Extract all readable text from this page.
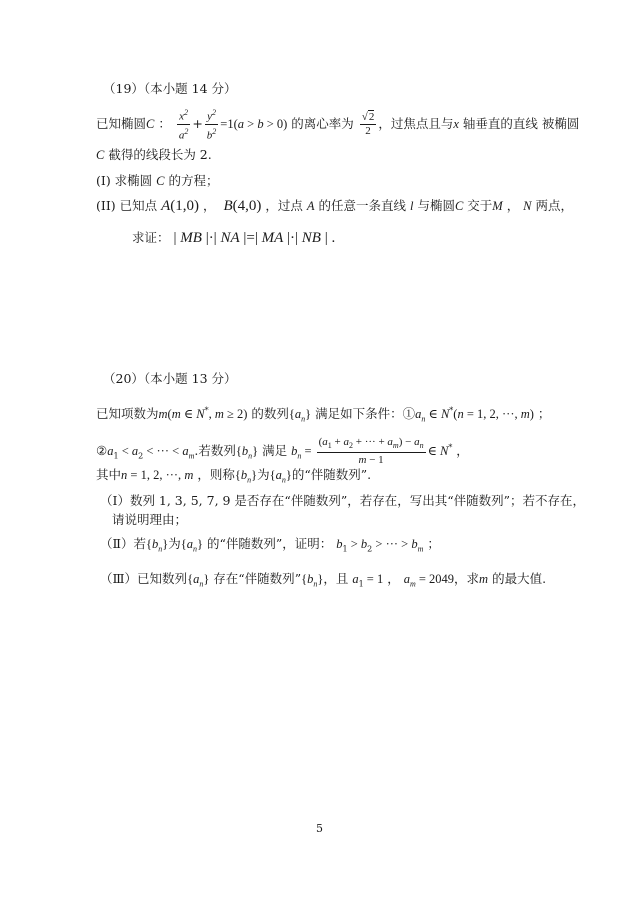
（19）（本小题 14 分）
已知椭圆C ： $\frac{x^2}{a^2} + \frac{y^2}{b^2} =1(a > b > 0)$ 的离心率为 $\frac{√2}{2}$ ，过焦点且与x 轴垂直的直线 被椭圆
C 截得的线段长为 2.
(I) 求椭圆 C 的方程；
(II) 已知点 A(1,0) ，  B(4,0) ，过点 A 的任意一条直线 l 与椭圆C 交于M ， N 两点，
求证： | MB |·| NA |=| MA |·| NB | .
（20）（本小题 13 分）
已知项数为m(m ∈ N*, m ≥ 2) 的数列$\{a_n\}$ 满足如下条件：$①a_n$ ∈ N*(n = 1, 2, ···, m) ；
$②a_1 < a_2$ < ··· < $a_m$.若数列$\{b_n\}$ 满足 $b_n = \frac{(a_1 + a_2 + \cdot\cdot\cdot + a_m) - a_n}{m - 1}$ ∈ N* ，
其中n = 1, 2, ···, m ，则称$\{b_n\}$为$\{a_n\}$的“伴随数列”.
（Ⅰ）数列 1, 3, 5, 7, 9 是否存在“伴随数列”，若存在，写出其“伴随数列”；若不存在，
请说明理由；
（Ⅱ）若$\{b_n\}$为$\{a_n\}$ 的“伴随数列”，证明： $b_1 > b_2$ > ··· > $b_m$ ；
（Ⅲ）已知数列$\{a_n\}$ 存在“伴随数列$”\{b_n\}$，且 $a_1 = 1$ ， $a_m = 2049$，求m 的最大值.
5
